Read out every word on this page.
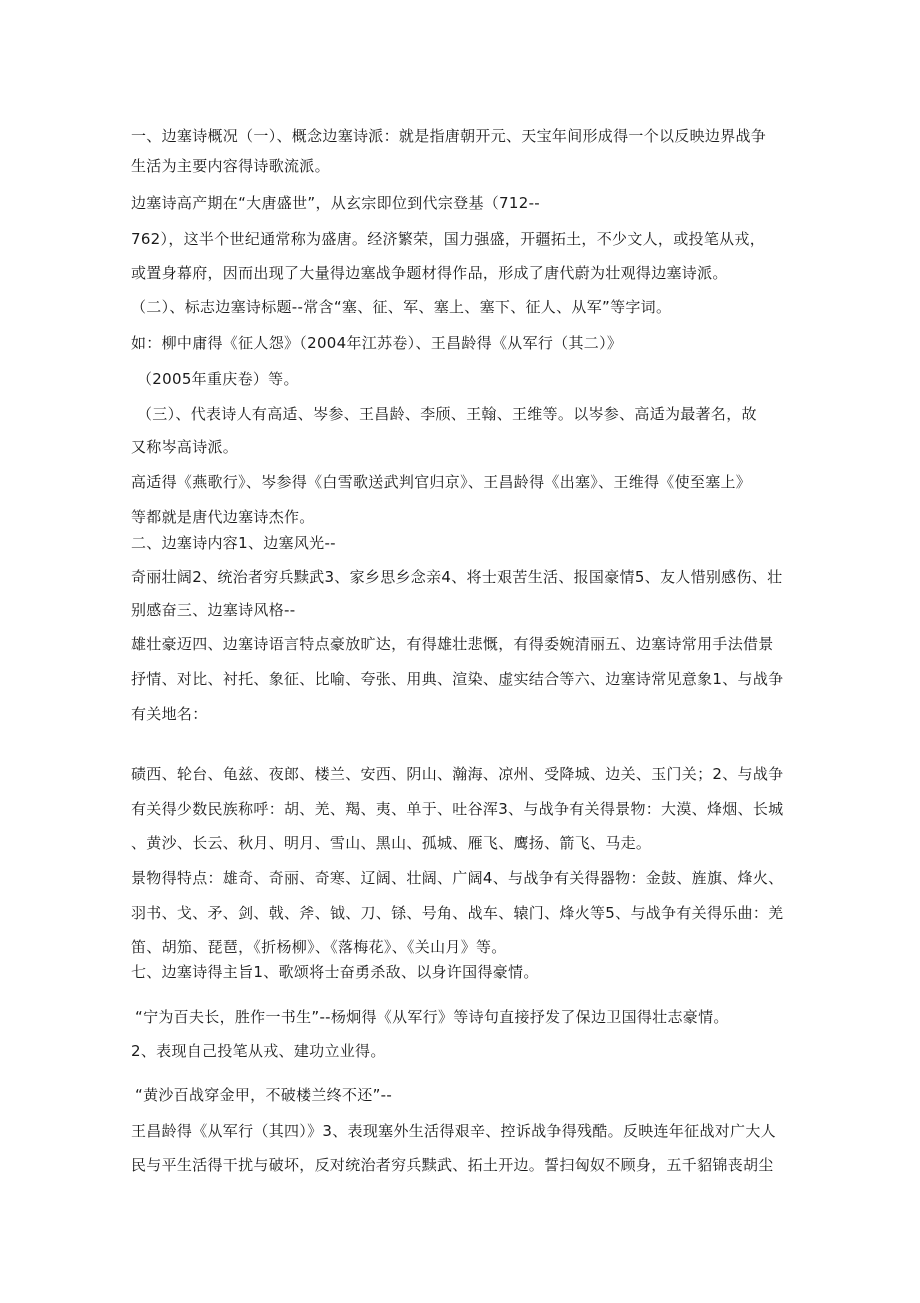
一、边塞诗概况（一）、概念边塞诗派：就是指唐朝开元、天宝年间形成得一个以反映边界战争
生活为主要内容得诗歌流派。
边塞诗高产期在“大唐盛世”，从玄宗即位到代宗登基（712--
762），这半个世纪通常称为盛唐。经济繁荣，国力强盛，开疆拓土，不少文人，或投笔从戎，
或置身幕府，因而出现了大量得边塞战争题材得作品，形成了唐代蔚为壮观得边塞诗派。
（二）、标志边塞诗标题--常含“塞、征、军、塞上、塞下、征人、从军”等字词。
如：柳中庸得《征人怨》（2004年江苏卷）、王昌龄得《从军行（其二）》
（2005年重庆卷）等。
（三）、代表诗人有高适、岑参、王昌龄、李颀、王翰、王维等。以岑参、高适为最著名，故
又称岑高诗派。
高适得《燕歌行》、岑参得《白雪歌送武判官归京》、王昌龄得《出塞》、王维得《使至塞上》
等都就是唐代边塞诗杰作。
二、边塞诗内容1、边塞风光--
奇丽壮阔2、统治者穷兵黩武3、家乡思乡念亲4、将士艰苦生活、报国豪情5、友人惜别感伤、壮
别感奋三、边塞诗风格--
雄壮豪迈四、边塞诗语言特点豪放旷达，有得雄壮悲慨，有得委婉清丽五、边塞诗常用手法借景
抒情、对比、衬托、象征、比喻、夸张、用典、渲染、虚实结合等六、边塞诗常见意象1、与战争
有关地名：
碛西、轮台、龟兹、夜郎、楼兰、安西、阴山、瀚海、凉州、受降城、边关、玉门关；2、与战争
有关得少数民族称呼：胡、羌、羯、夷、单于、吐谷浑3、与战争有关得景物：大漠、烽烟、长城
、黄沙、长云、秋月、明月、雪山、黑山、孤城、雁飞、鹰扬、箭飞、马走。
景物得特点：雄奇、奇丽、奇寒、辽阔、壮阔、广阔4、与战争有关得器物：金鼓、旌旗、烽火、
羽书、戈、矛、剑、戟、斧、钺、刀、铩、号角、战车、辕门、烽火等5、与战争有关得乐曲：羌
笛、胡笳、琵琶，《折杨柳》、《落梅花》、《关山月》等。
七、边塞诗得主旨1、歌颂将士奋勇杀敌、以身许国得豪情。
“宁为百夫长，胜作一书生”--杨炯得《从军行》等诗句直接抒发了保边卫国得壮志豪情。
2、表现自己投笔从戎、建功立业得。
“黄沙百战穿金甲，不破楼兰终不还”--
王昌龄得《从军行（其四）》3、表现塞外生活得艰辛、控诉战争得残酷。反映连年征战对广大人
民与平生活得干扰与破坏，反对统治者穷兵黩武、拓土开边。誓扫匈奴不顾身，五千貂锦丧胡尘
